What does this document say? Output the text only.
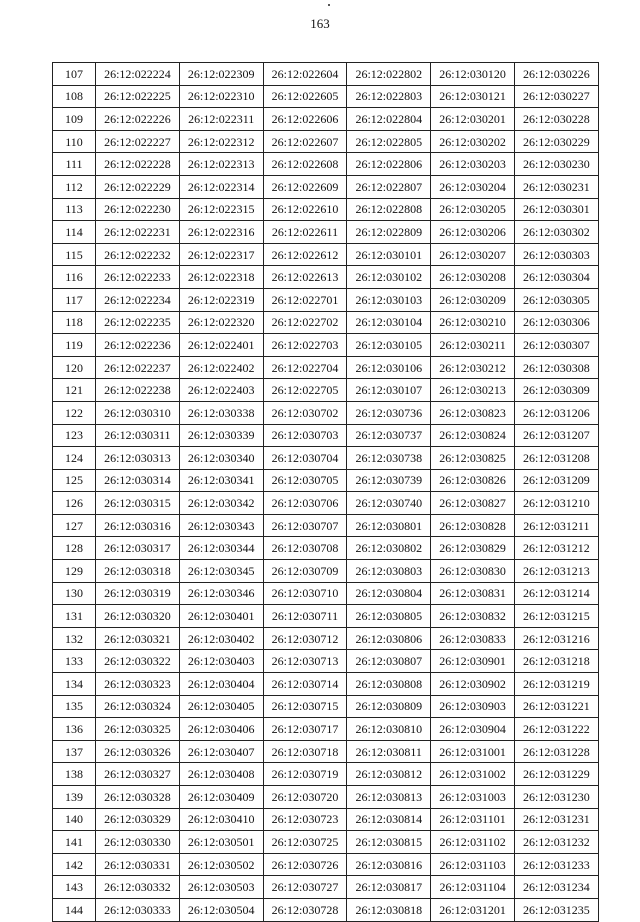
163
107	26:12:022224	26:12:022309	26:12:022604	26:12:022802	26:12:030120	26:12:030226
108	26:12:022225	26:12:022310	26:12:022605	26:12:022803	26:12:030121	26:12:030227
109	26:12:022226	26:12:022311	26:12:022606	26:12:022804	26:12:030201	26:12:030228
110	26:12:022227	26:12:022312	26:12:022607	26:12:022805	26:12:030202	26:12:030229
111	26:12:022228	26:12:022313	26:12:022608	26:12:022806	26:12:030203	26:12:030230
112	26:12:022229	26:12:022314	26:12:022609	26:12:022807	26:12:030204	26:12:030231
113	26:12:022230	26:12:022315	26:12:022610	26:12:022808	26:12:030205	26:12:030301
114	26:12:022231	26:12:022316	26:12:022611	26:12:022809	26:12:030206	26:12:030302
115	26:12:022232	26:12:022317	26:12:022612	26:12:030101	26:12:030207	26:12:030303
116	26:12:022233	26:12:022318	26:12:022613	26:12:030102	26:12:030208	26:12:030304
117	26:12:022234	26:12:022319	26:12:022701	26:12:030103	26:12:030209	26:12:030305
118	26:12:022235	26:12:022320	26:12:022702	26:12:030104	26:12:030210	26:12:030306
119	26:12:022236	26:12:022401	26:12:022703	26:12:030105	26:12:030211	26:12:030307
120	26:12:022237	26:12:022402	26:12:022704	26:12:030106	26:12:030212	26:12:030308
121	26:12:022238	26:12:022403	26:12:022705	26:12:030107	26:12:030213	26:12:030309
122	26:12:030310	26:12:030338	26:12:030702	26:12:030736	26:12:030823	26:12:031206
123	26:12:030311	26:12:030339	26:12:030703	26:12:030737	26:12:030824	26:12:031207
124	26:12:030313	26:12:030340	26:12:030704	26:12:030738	26:12:030825	26:12:031208
125	26:12:030314	26:12:030341	26:12:030705	26:12:030739	26:12:030826	26:12:031209
126	26:12:030315	26:12:030342	26:12:030706	26:12:030740	26:12:030827	26:12:031210
127	26:12:030316	26:12:030343	26:12:030707	26:12:030801	26:12:030828	26:12:031211
128	26:12:030317	26:12:030344	26:12:030708	26:12:030802	26:12:030829	26:12:031212
129	26:12:030318	26:12:030345	26:12:030709	26:12:030803	26:12:030830	26:12:031213
130	26:12:030319	26:12:030346	26:12:030710	26:12:030804	26:12:030831	26:12:031214
131	26:12:030320	26:12:030401	26:12:030711	26:12:030805	26:12:030832	26:12:031215
132	26:12:030321	26:12:030402	26:12:030712	26:12:030806	26:12:030833	26:12:031216
133	26:12:030322	26:12:030403	26:12:030713	26:12:030807	26:12:030901	26:12:031218
134	26:12:030323	26:12:030404	26:12:030714	26:12:030808	26:12:030902	26:12:031219
135	26:12:030324	26:12:030405	26:12:030715	26:12:030809	26:12:030903	26:12:031221
136	26:12:030325	26:12:030406	26:12:030717	26:12:030810	26:12:030904	26:12:031222
137	26:12:030326	26:12:030407	26:12:030718	26:12:030811	26:12:031001	26:12:031228
138	26:12:030327	26:12:030408	26:12:030719	26:12:030812	26:12:031002	26:12:031229
139	26:12:030328	26:12:030409	26:12:030720	26:12:030813	26:12:031003	26:12:031230
140	26:12:030329	26:12:030410	26:12:030723	26:12:030814	26:12:031101	26:12:031231
141	26:12:030330	26:12:030501	26:12:030725	26:12:030815	26:12:031102	26:12:031232
142	26:12:030331	26:12:030502	26:12:030726	26:12:030816	26:12:031103	26:12:031233
143	26:12:030332	26:12:030503	26:12:030727	26:12:030817	26:12:031104	26:12:031234
144	26:12:030333	26:12:030504	26:12:030728	26:12:030818	26:12:031201	26:12:031235
